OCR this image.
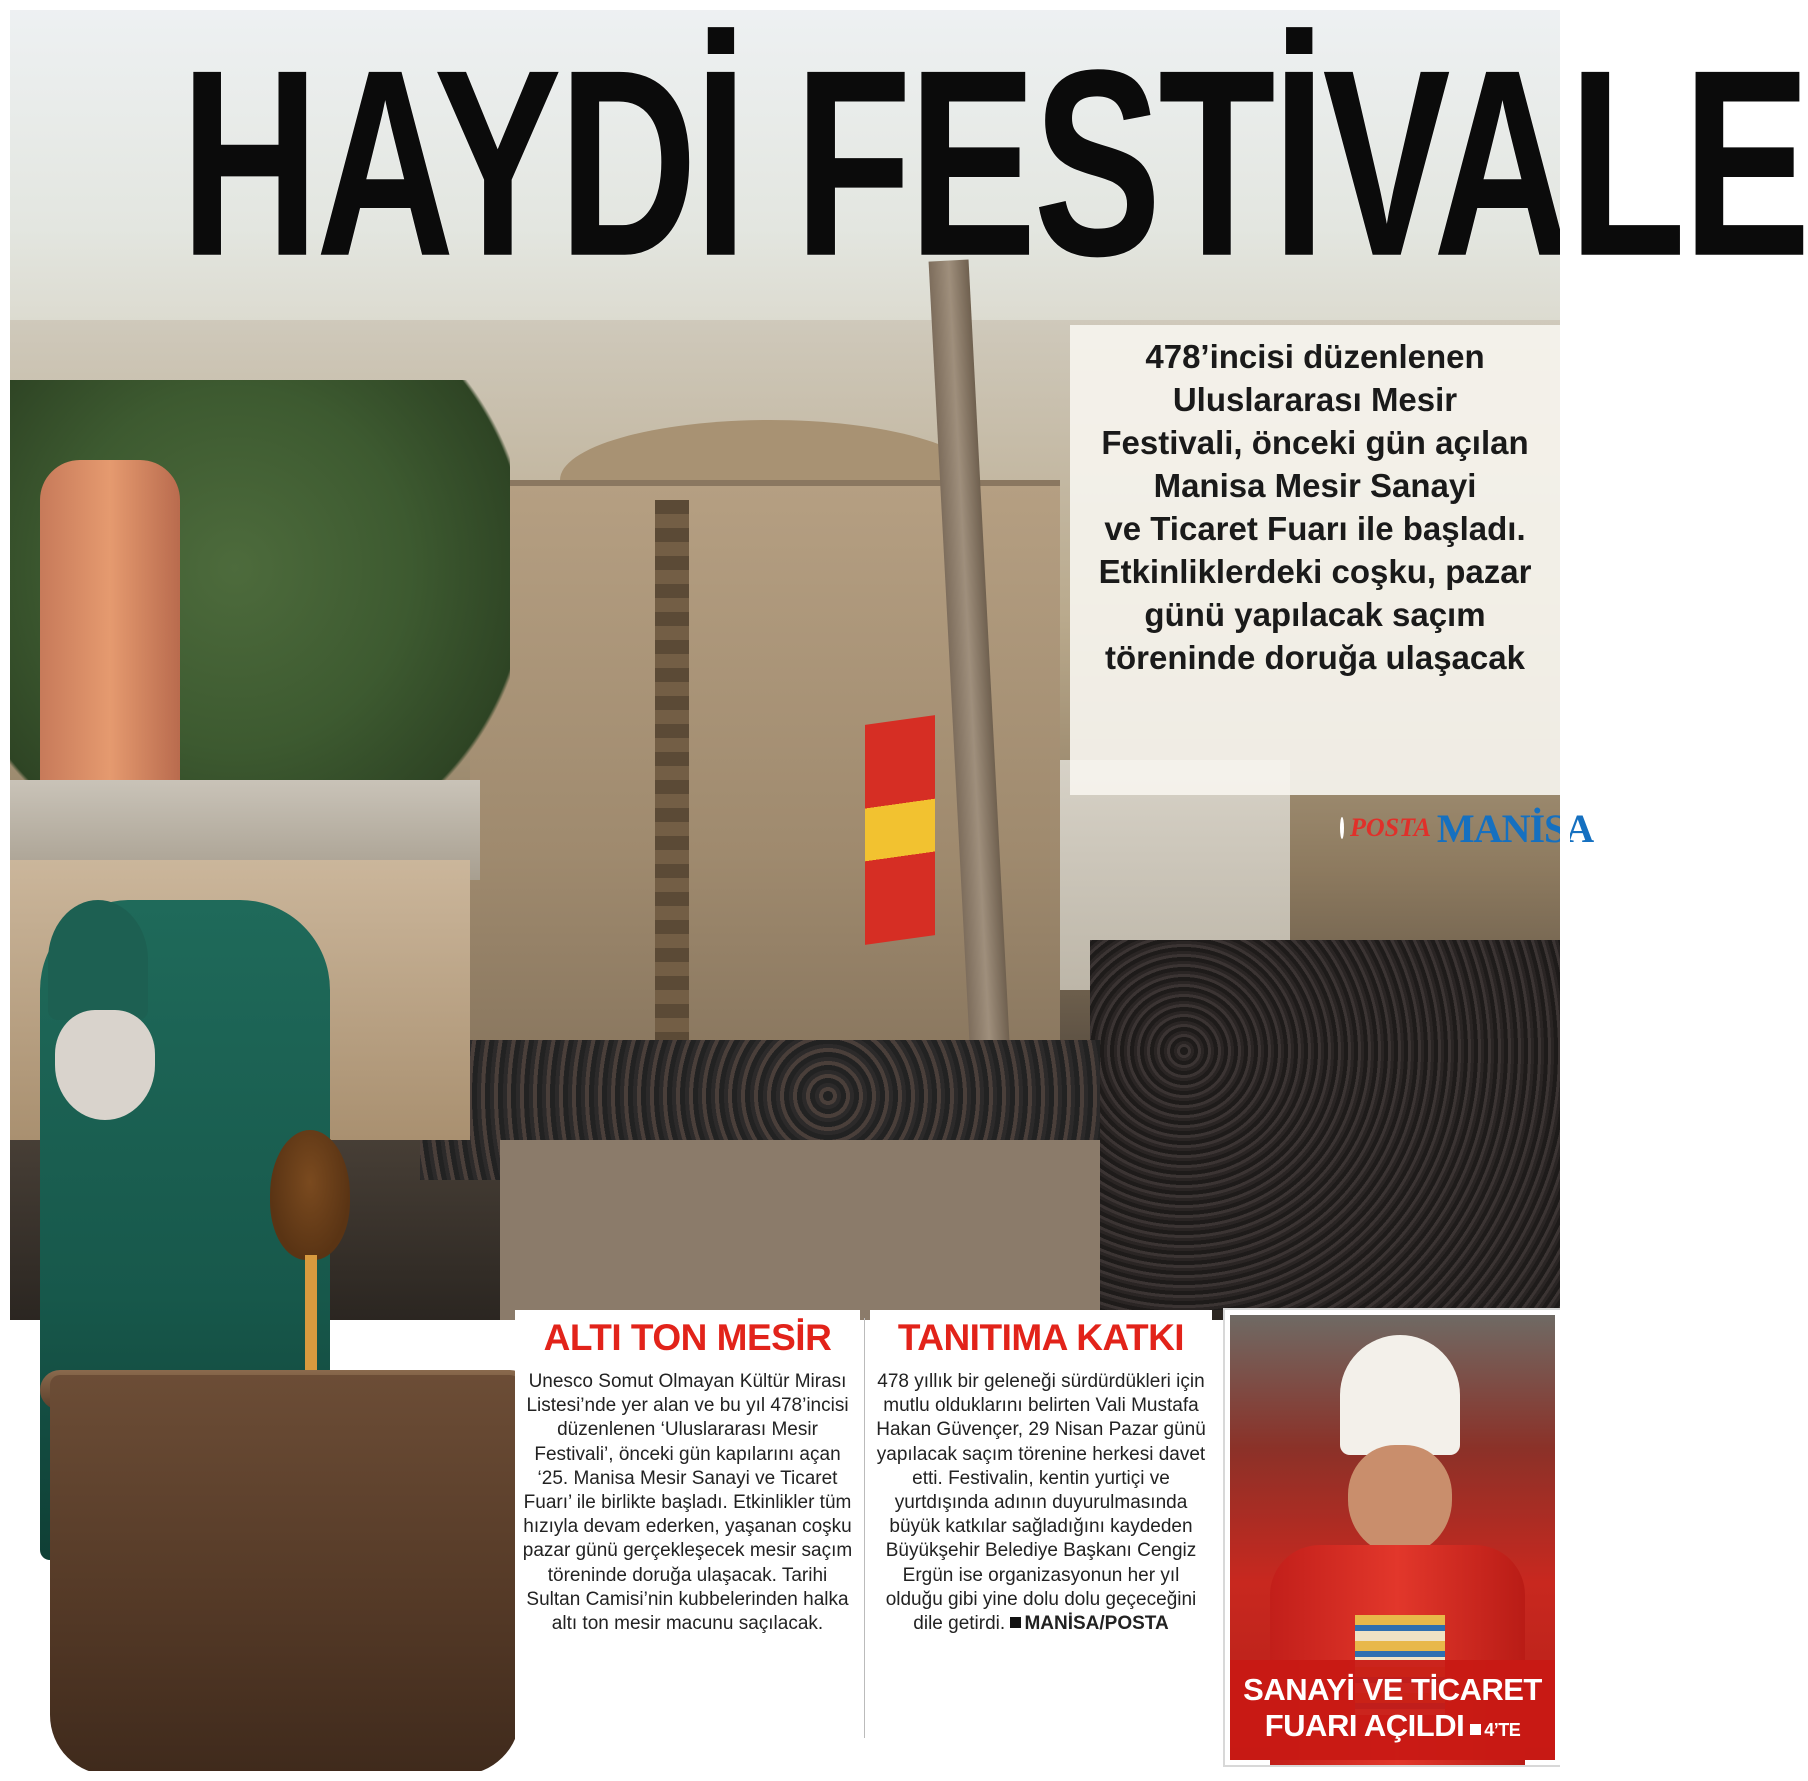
HAYDİ FESTİVALE
478’incisi düzenlenen
Uluslararası Mesir
Festivali, önceki gün açılan
Manisa Mesir Sanayi
ve Ticaret Fuarı ile başladı.
Etkinliklerdeki coşku, pazar
günü yapılacak saçım
töreninde doruğa ulaşacak
POSTA MANİSA
ALTI TON MESİR
Unesco Somut Olmayan Kültür Mirası Listesi’nde yer alan ve bu yıl 478’incisi düzenlenen ‘Uluslararası Mesir Festivali’, önceki gün kapılarını açan ‘25. Manisa Mesir Sanayi ve Ticaret Fuarı’ ile birlikte başladı. Etkinlikler tüm hızıyla devam ederken, yaşanan coşku pazar günü gerçekleşecek mesir saçım töreninde doruğa ulaşacak. Tarihi Sultan Camisi’nin kubbelerinden halka altı ton mesir macunu saçılacak.
TANITIMA KATKI
478 yıllık bir geleneği sürdürdükleri için mutlu olduklarını belirten Vali Mustafa Hakan Güvençer, 29 Nisan Pazar günü yapılacak saçım törenine herkesi davet etti. Festivalin, kentin yurtiçi ve yurtdışında adının duyurulmasında büyük katkılar sağladığını kaydeden Büyükşehir Belediye Başkanı Cengiz Ergün ise organizasyonun her yıl olduğu gibi yine dolu dolu geçeceğini dile getirdi. MANİSA/POSTA
SANAYİ VE TİCARET
FUARI AÇILDI 4’TE
